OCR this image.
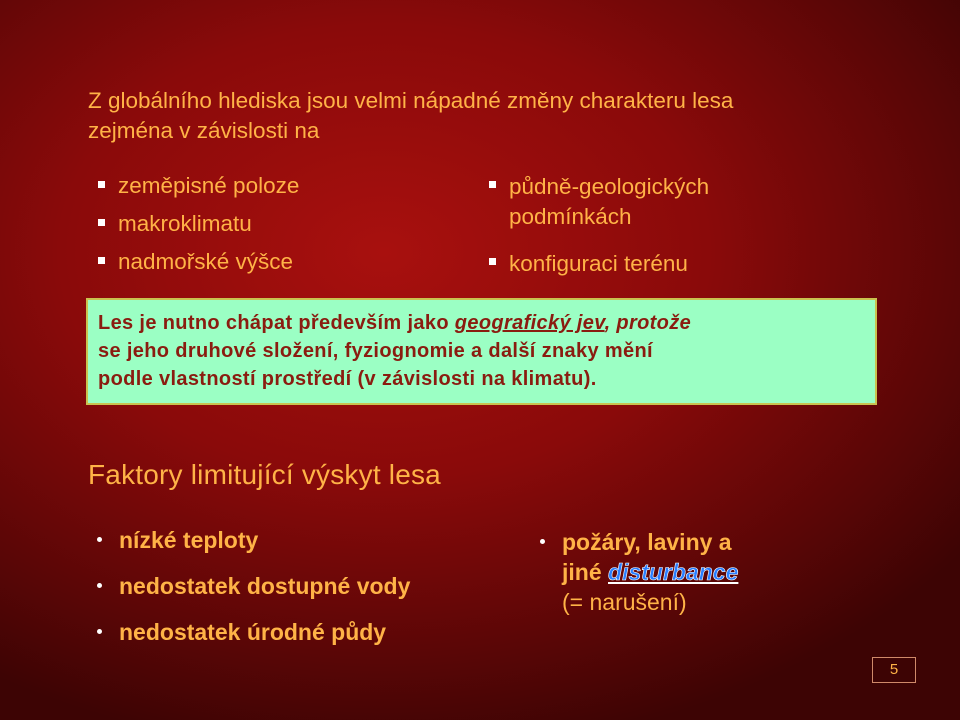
Z globálního hlediska jsou velmi nápadné změny charakteru lesa
zejména v závislosti na
zeměpisné poloze
makroklimatu
nadmořské výšce
půdně-geologických
podmínkách
konfiguraci terénu
Les je nutno chápat především jako geografický jev, protože
se jeho druhové složení, fyziognomie a další znaky mění
podle vlastností prostředí (v závislosti na klimatu).
Faktory limitující výskyt lesa
nízké teploty
nedostatek dostupné vody
nedostatek úrodné půdy
požáry, laviny a
jiné disturbance
(= narušení)
5
